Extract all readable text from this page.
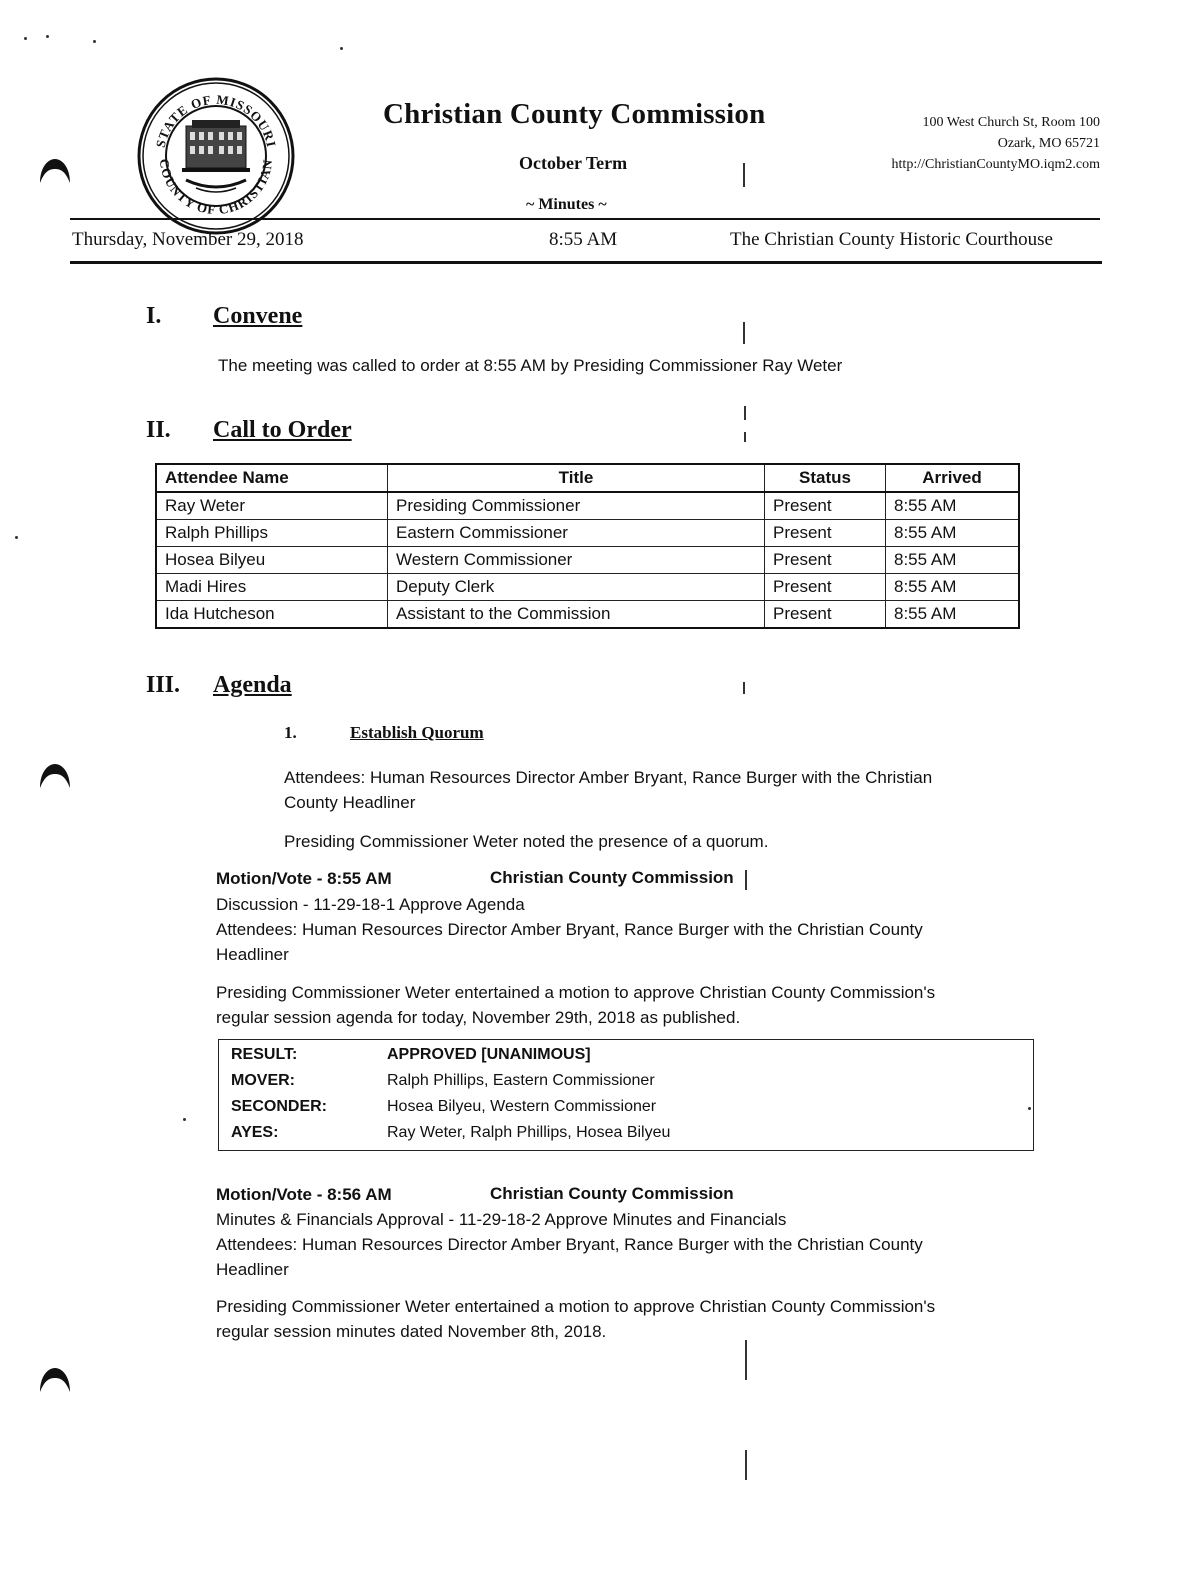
STATE OF MISSOURI
COUNTY OF CHRISTIAN
Christian County Commission
October Term
~ Minutes ~
100 West Church St, Room 100
Ozark, MO 65721
http://ChristianCountyMO.iqm2.com
Thursday, November 29, 2018	8:55 AM	The Christian County Historic Courthouse
I. Convene
The meeting was called to order at 8:55 AM by Presiding Commissioner Ray Weter
II. Call to Order
Attendee Name	Title	Status	Arrived
Ray Weter	Presiding Commissioner	Present	8:55 AM
Ralph Phillips	Eastern Commissioner	Present	8:55 AM
Hosea Bilyeu	Western Commissioner	Present	8:55 AM
Madi Hires	Deputy Clerk	Present	8:55 AM
Ida Hutcheson	Assistant to the Commission	Present	8:55 AM
III. Agenda
1.	Establish Quorum
Attendees: Human Resources Director Amber Bryant, Rance Burger with the Christian
County Headliner
Presiding Commissioner Weter noted the presence of a quorum.
Motion/Vote - 8:55 AM	Christian County Commission
Discussion - 11-29-18-1 Approve Agenda
Attendees: Human Resources Director Amber Bryant, Rance Burger with the Christian County
Headliner
Presiding Commissioner Weter entertained a motion to approve Christian County Commission's
regular session agenda for today, November 29th, 2018 as published.
RESULT:	APPROVED [UNANIMOUS]
MOVER:	Ralph Phillips, Eastern Commissioner
SECONDER:	Hosea Bilyeu, Western Commissioner
AYES:	Ray Weter, Ralph Phillips, Hosea Bilyeu
Motion/Vote - 8:56 AM	Christian County Commission
Minutes & Financials Approval - 11-29-18-2 Approve Minutes and Financials
Attendees: Human Resources Director Amber Bryant, Rance Burger with the Christian County
Headliner
Presiding Commissioner Weter entertained a motion to approve Christian County Commission's
regular session minutes dated November 8th, 2018.
